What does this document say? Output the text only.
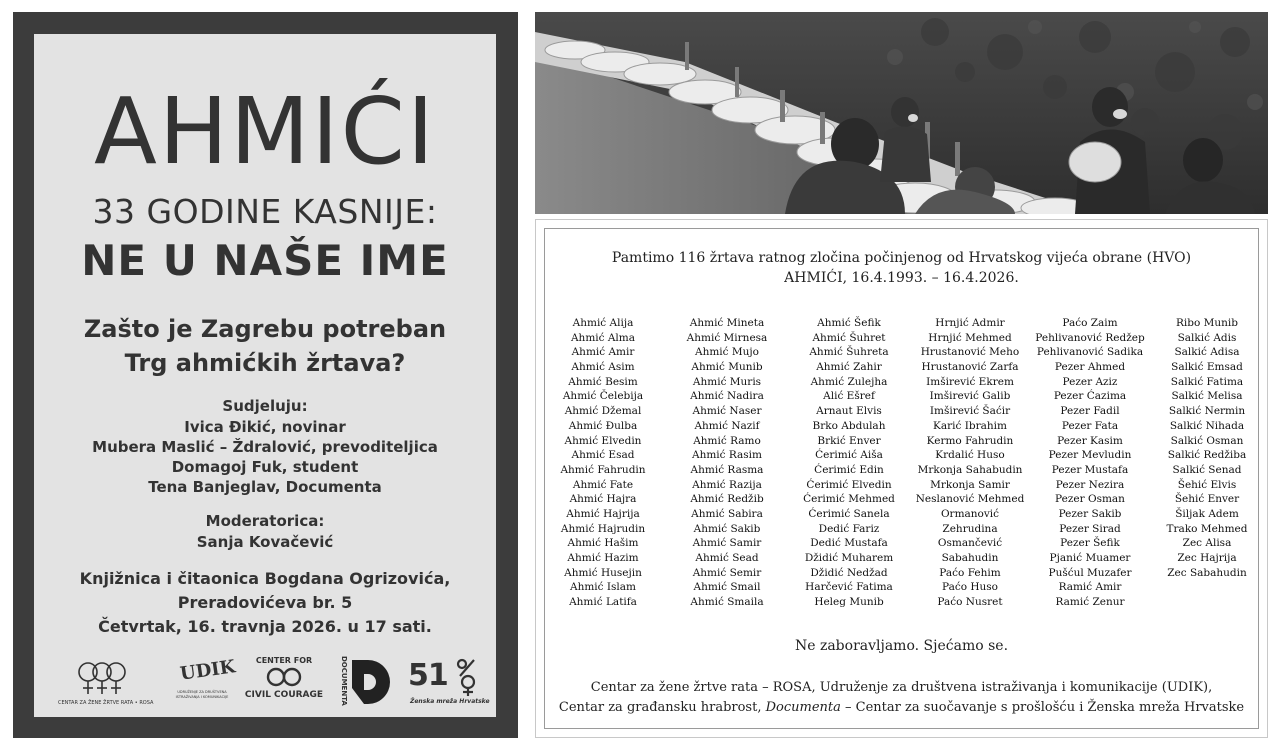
AHMIĆI
33 GODINE KASNIJE:
NE U NAŠE IME
Zašto je Zagrebu potreban
Trg ahmićkih žrtava?
Sudjeluju:
Ivica Đikić, novinar
Mubera Maslić – Ždralović, prevoditeljica
Domagoj Fuk, student
Tena Banjeglav, Documenta
Moderatorica:
Sanja Kovačević
Knjižnica i čitaonica Bogdana Ogrizovića,
Preradovićeva br. 5
Četvrtak, 16. travnja 2026. u 17 sati.
CENTAR ZA ŽENE ŽRTVE RATA • ROSA
UDIK
UDRUŽENJE ZA DRUŠTVENA ISTRAŽIVANJA I KOMUNIKACIJE
CENTER FOR
CIVIL COURAGE DOCUMENTA 51
Ženska mreža Hrvatske
Pamtimo 116 žrtava ratnog zločina počinjenog od Hrvatskog vijeća obrane (HVO)
AHMIĆI, 16.4.1993. – 16.4.2026.
Ahmić Alija
Ahmić Alma
Ahmić Amir
Ahmić Asim
Ahmić Besim
Ahmić Čelebija
Ahmić Džemal
Ahmić Đulba
Ahmić Elvedin
Ahmić Esad
Ahmić Fahrudin
Ahmić Fate
Ahmić Hajra
Ahmić Hajrija
Ahmić Hajrudin
Ahmić Hašim
Ahmić Hazim
Ahmić Husejin
Ahmić Islam
Ahmić Latifa
Ahmić Mineta
Ahmić Mirnesa
Ahmić Mujo
Ahmić Munib
Ahmić Muris
Ahmić Nadira
Ahmić Naser
Ahmić Nazif
Ahmić Ramo
Ahmić Rasim
Ahmić Rasma
Ahmić Razija
Ahmić Redžib
Ahmić Sabira
Ahmić Sakib
Ahmić Samir
Ahmić Sead
Ahmić Semir
Ahmić Smail
Ahmić Smaila
Ahmić Šefik
Ahmić Šuhret
Ahmić Šuhreta
Ahmić Zahir
Ahmić Zulejha
Alić Ešref
Arnaut Elvis
Brko Abdulah
Brkić Enver
Ćerimić Aiša
Ćerimić Edin
Ćerimić Elvedin
Ćerimić Mehmed
Ćerimić Sanela
Dedić Fariz
Dedić Mustafa
Džidić Muharem
Džidić Nedžad
Harčević Fatima
Heleg Munib
Hrnjić Admir
Hrnjić Mehmed
Hrustanović Meho
Hrustanović Zarfa
Imširević Ekrem
Imširević Galib
Imširević Šaćir
Karić Ibrahim
Kermo Fahrudin
Krdalić Huso
Mrkonja Sahabudin
Mrkonja Samir
Neslanović Mehmed
Ormanović
Zehrudina
Osmančević
Sabahudin
Paćo Fehim
Paćo Huso
Paćo Nusret
Paćo Zaim
Pehlivanović Redžep
Pehlivanović Sadika
Pezer Ahmed
Pezer Aziz
Pezer Ćazima
Pezer Fadil
Pezer Fata
Pezer Kasim
Pezer Mevludin
Pezer Mustafa
Pezer Nezira
Pezer Osman
Pezer Sakib
Pezer Sirad
Pezer Šefik
Pjanić Muamer
Pušćul Muzafer
Ramić Amir
Ramić Zenur
Ribo Munib
Salkić Adis
Salkić Adisa
Salkić Emsad
Salkić Fatima
Salkić Melisa
Salkić Nermin
Salkić Nihada
Salkić Osman
Salkić Redžiba
Salkić Senad
Šehić Elvis
Šehić Enver
Šiljak Adem
Trako Mehmed
Zec Alisa
Zec Hajrija
Zec Sabahudin
Ne zaboravljamo. Sjećamo se.
Centar za žene žrtve rata – ROSA, Udruženje za društvena istraživanja i komunikacije (UDIK),
Centar za građansku hrabrost, Documenta – Centar za suočavanje s prošlošću i Ženska mreža Hrvatske
